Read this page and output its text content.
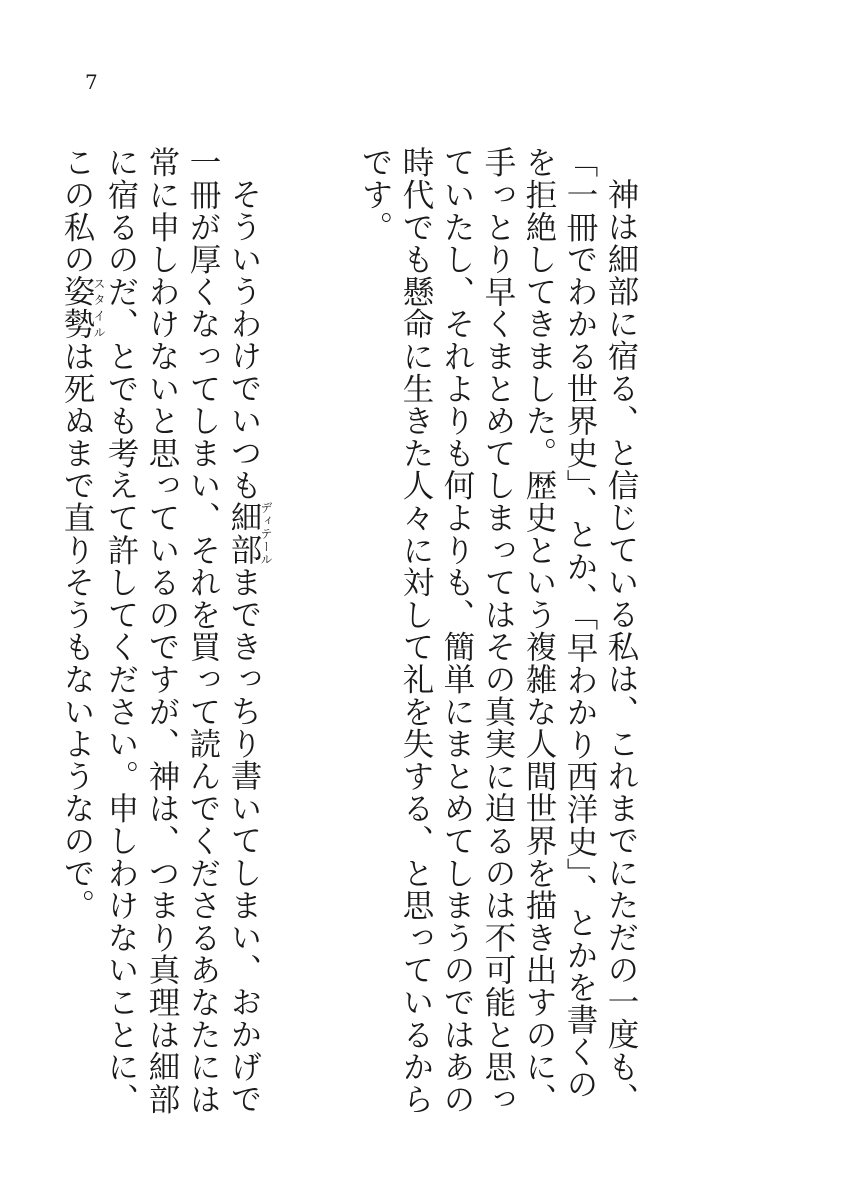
7

神は細部に宿る、と信じている私は、これまでにただの一度も、「一冊でわかる世界史」、とか、「早わかり西洋史」、とかを書くのを拒絶してきました。歴史という複雑な人間世界を描き出すのに、手っとり早くまとめてしまってはその真実に迫るのは不可能と思っていたし、それよりも何よりも、簡単にまとめてしまうのではあの時代でも懸命に生きた人々に対して礼を失する、と思っているからです。

そういうわけでいつも細部ディテールまできっちり書いてしまい、おかげで一冊が厚くなってしまい、それを買って読んでくださるあなたには常に申しわけないと思っているのですが、神は、つまり真理は細部に宿るのだ、とでも考えて許してください。申しわけないことに、この私の姿勢スタイルは死ぬまで直りそうもないようなので。
